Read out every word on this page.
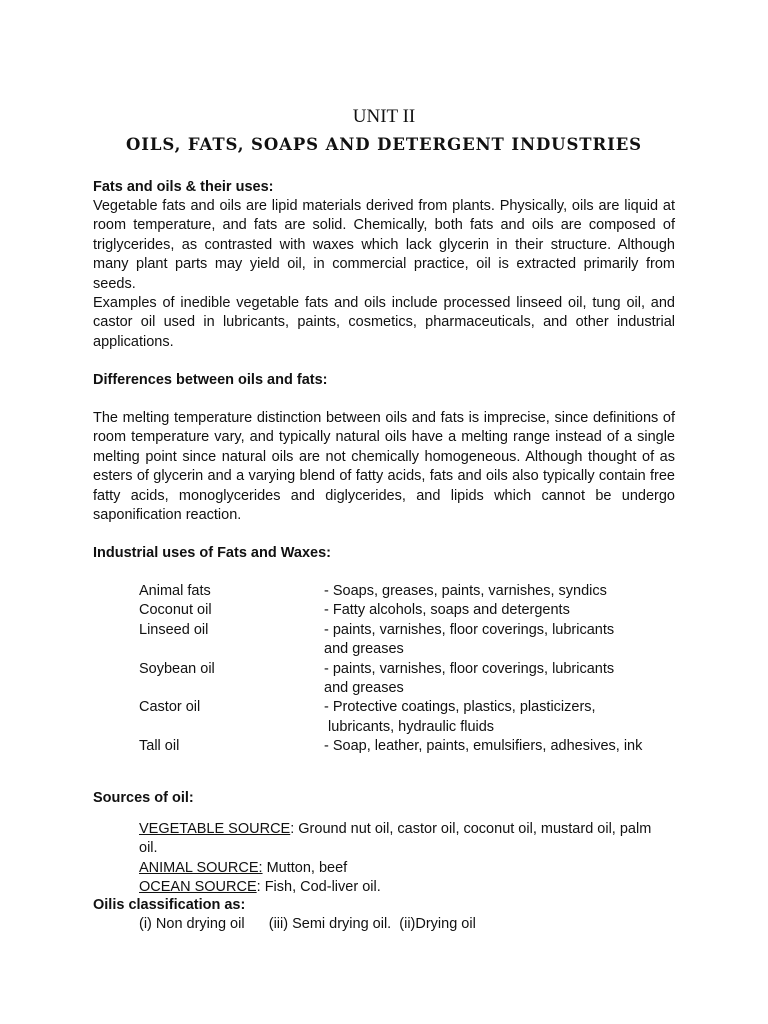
UNIT II
OILS, FATS, SOAPS AND DETERGENT INDUSTRIES
Fats and oils & their uses:
Vegetable fats and oils are lipid materials derived from plants. Physically, oils are liquid at room temperature, and fats are solid. Chemically, both fats and oils are composed of triglycerides, as contrasted with waxes which lack glycerin in their structure. Although many plant parts may yield oil, in commercial practice, oil is extracted primarily from seeds.
Examples of inedible vegetable fats and oils include processed linseed oil, tung oil, and castor oil used in lubricants, paints, cosmetics, pharmaceuticals, and other industrial applications.
Differences between oils and fats:
The melting temperature distinction between oils and fats is imprecise, since definitions of room temperature vary, and typically natural oils have a melting range instead of a single melting point since natural oils are not chemically homogeneous. Although thought of as esters of glycerin and a varying blend of fatty acids, fats and oils also typically contain free fatty acids, monoglycerides and diglycerides, and lipids which cannot be undergo saponification reaction.
Industrial uses of Fats and Waxes:
Animal fats	- Soaps, greases, paints, varnishes, syndics
Coconut oil	- Fatty alcohols, soaps and detergents
Linseed oil	- paints, varnishes, floor coverings, lubricants
and greases
Soybean oil	- paints, varnishes, floor coverings, lubricants
and greases
Castor oil	- Protective coatings, plastics, plasticizers,
lubricants, hydraulic fluids
Tall oil	- Soap, leather, paints, emulsifiers, adhesives, ink
Sources of oil:
VEGETABLE SOURCE: Ground nut oil, castor oil, coconut oil, mustard oil, palm oil.
ANIMAL SOURCE: Mutton, beef
OCEAN SOURCE: Fish, Cod-liver oil.
Oilis classification as:
(i) Non drying oil      (iii) Semi drying oil.  (ii)Drying oil
